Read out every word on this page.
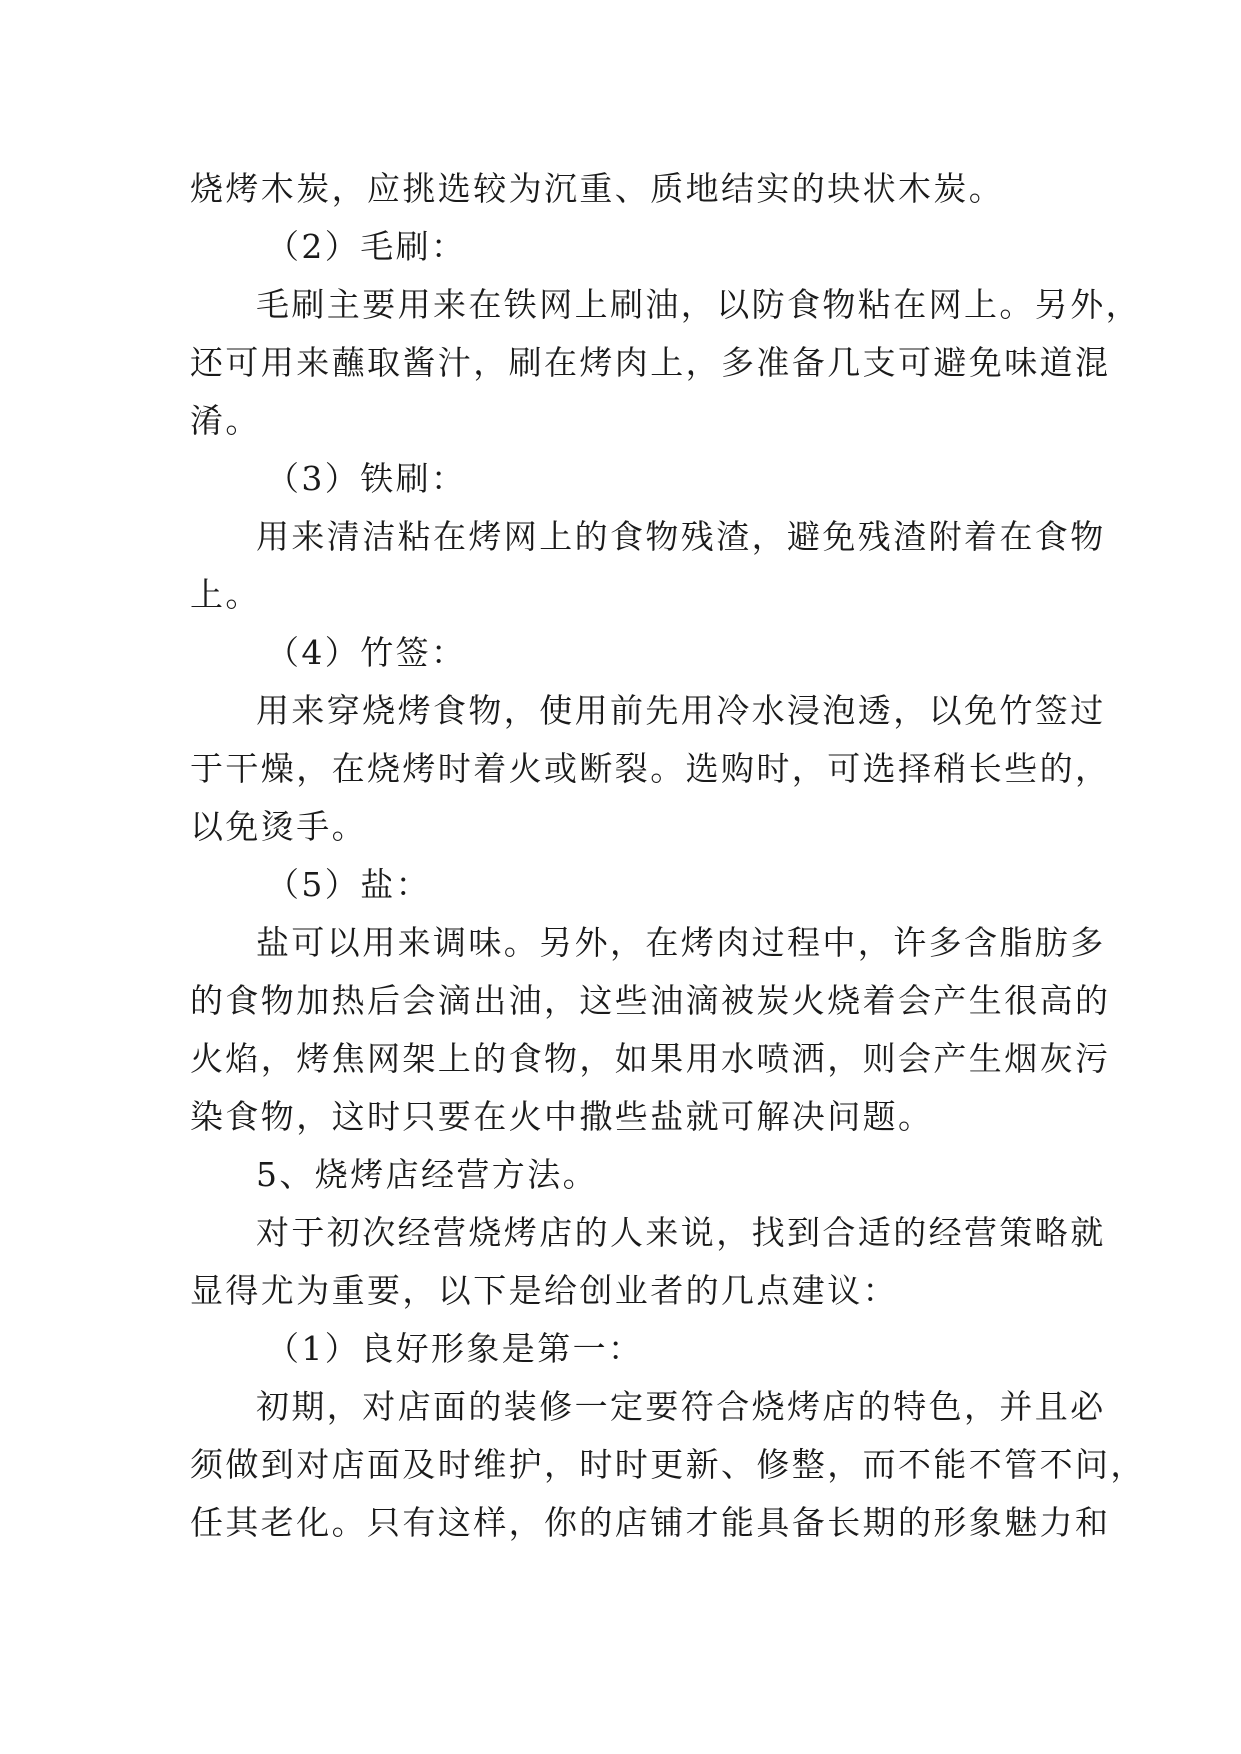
烧烤木炭，应挑选较为沉重、质地结实的块状木炭。
（2）毛刷：
毛刷主要用来在铁网上刷油，以防食物粘在网上。另外，
还可用来蘸取酱汁，刷在烤肉上，多准备几支可避免味道混
淆。
（3）铁刷：
用来清洁粘在烤网上的食物残渣，避免残渣附着在食物
上。
（4）竹签：
用来穿烧烤食物，使用前先用冷水浸泡透，以免竹签过
于干燥，在烧烤时着火或断裂。选购时，可选择稍长些的，
以免烫手。
（5）盐：
盐可以用来调味。另外，在烤肉过程中，许多含脂肪多
的食物加热后会滴出油，这些油滴被炭火烧着会产生很高的
火焰，烤焦网架上的食物，如果用水喷洒，则会产生烟灰污
染食物，这时只要在火中撒些盐就可解决问题。
5、烧烤店经营方法。
对于初次经营烧烤店的人来说，找到合适的经营策略就
显得尤为重要，以下是给创业者的几点建议：
（1）良好形象是第一：
初期，对店面的装修一定要符合烧烤店的特色，并且必
须做到对店面及时维护，时时更新、修整，而不能不管不问，
任其老化。只有这样，你的店铺才能具备长期的形象魅力和
